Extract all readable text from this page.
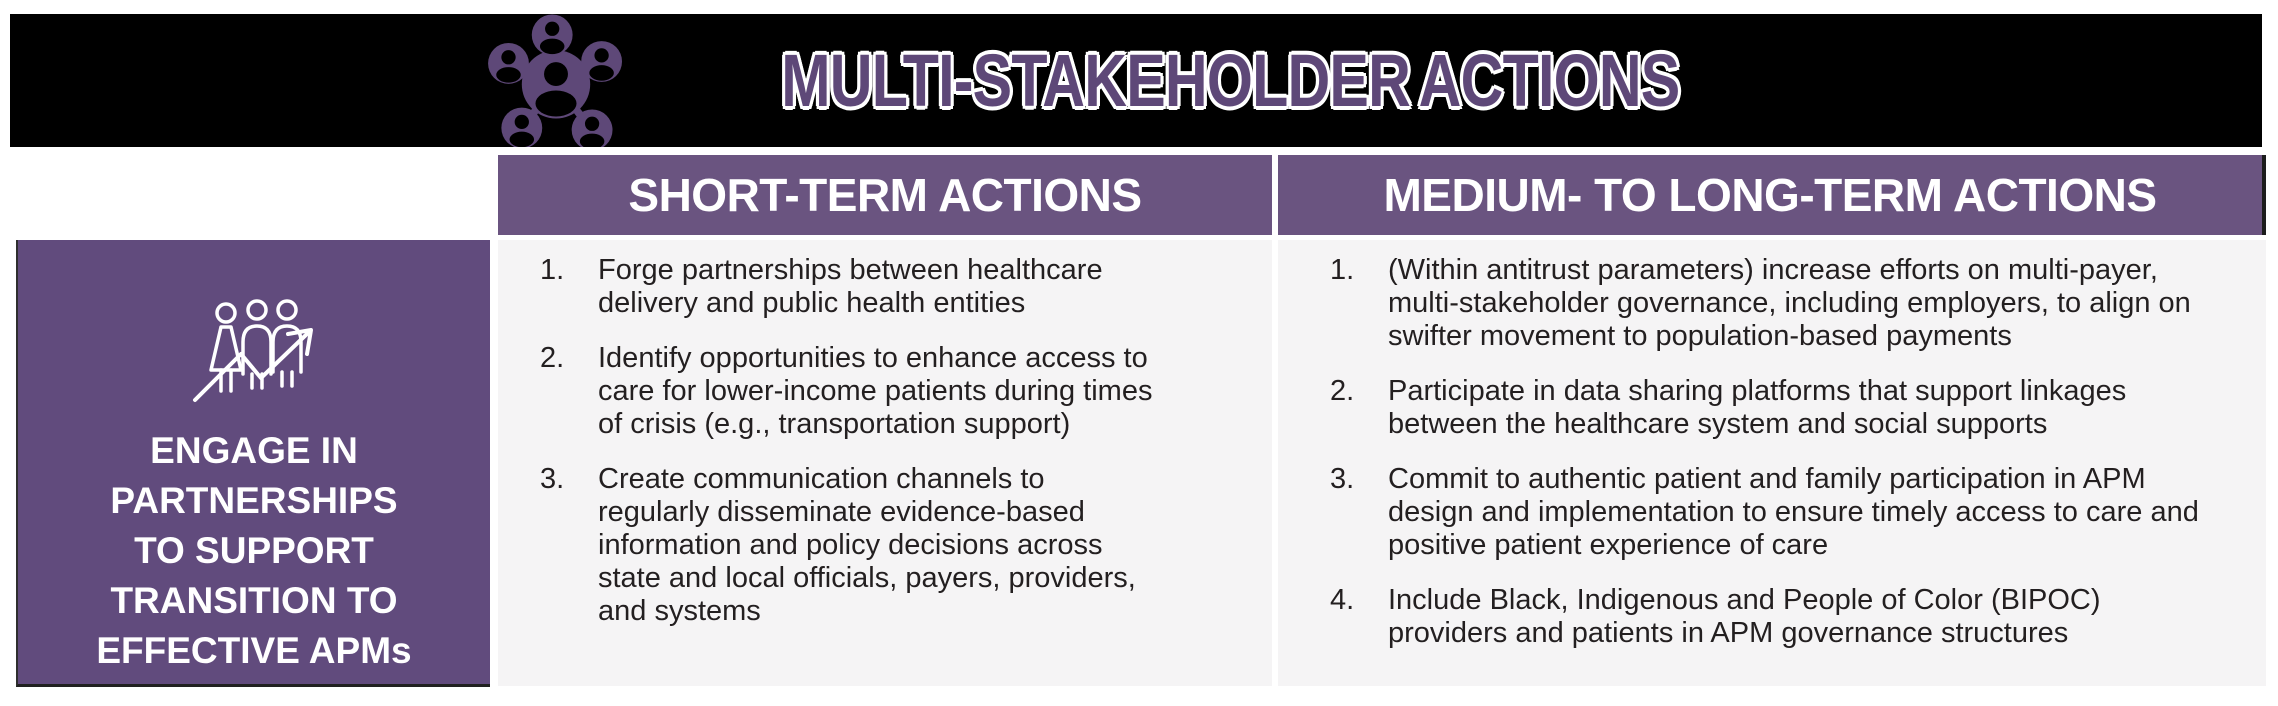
MULTI-STAKEHOLDER ACTIONS
SHORT-TERM ACTIONS	MEDIUM- TO LONG-TERM ACTIONS
ENGAGE IN
PARTNERSHIPS
TO SUPPORT
TRANSITION TO
EFFECTIVE APMs
Forge partnerships between healthcare delivery and public health entities
Identify opportunities to enhance access to care for lower-income patients during times of crisis (e.g., transportation support)
Create communication channels to regularly disseminate evidence-based information and policy decisions across state and local officials, payers, providers, and systems
(Within antitrust parameters) increase efforts on multi-payer, multi-stakeholder governance, including employers, to align on swifter movement to population-based payments
Participate in data sharing platforms that support linkages between the healthcare system and social supports
Commit to authentic patient and family participation in APM design and implementation to ensure timely access to care and positive patient experience of care
Include Black, Indigenous and People of Color (BIPOC) providers and patients in APM governance structures
